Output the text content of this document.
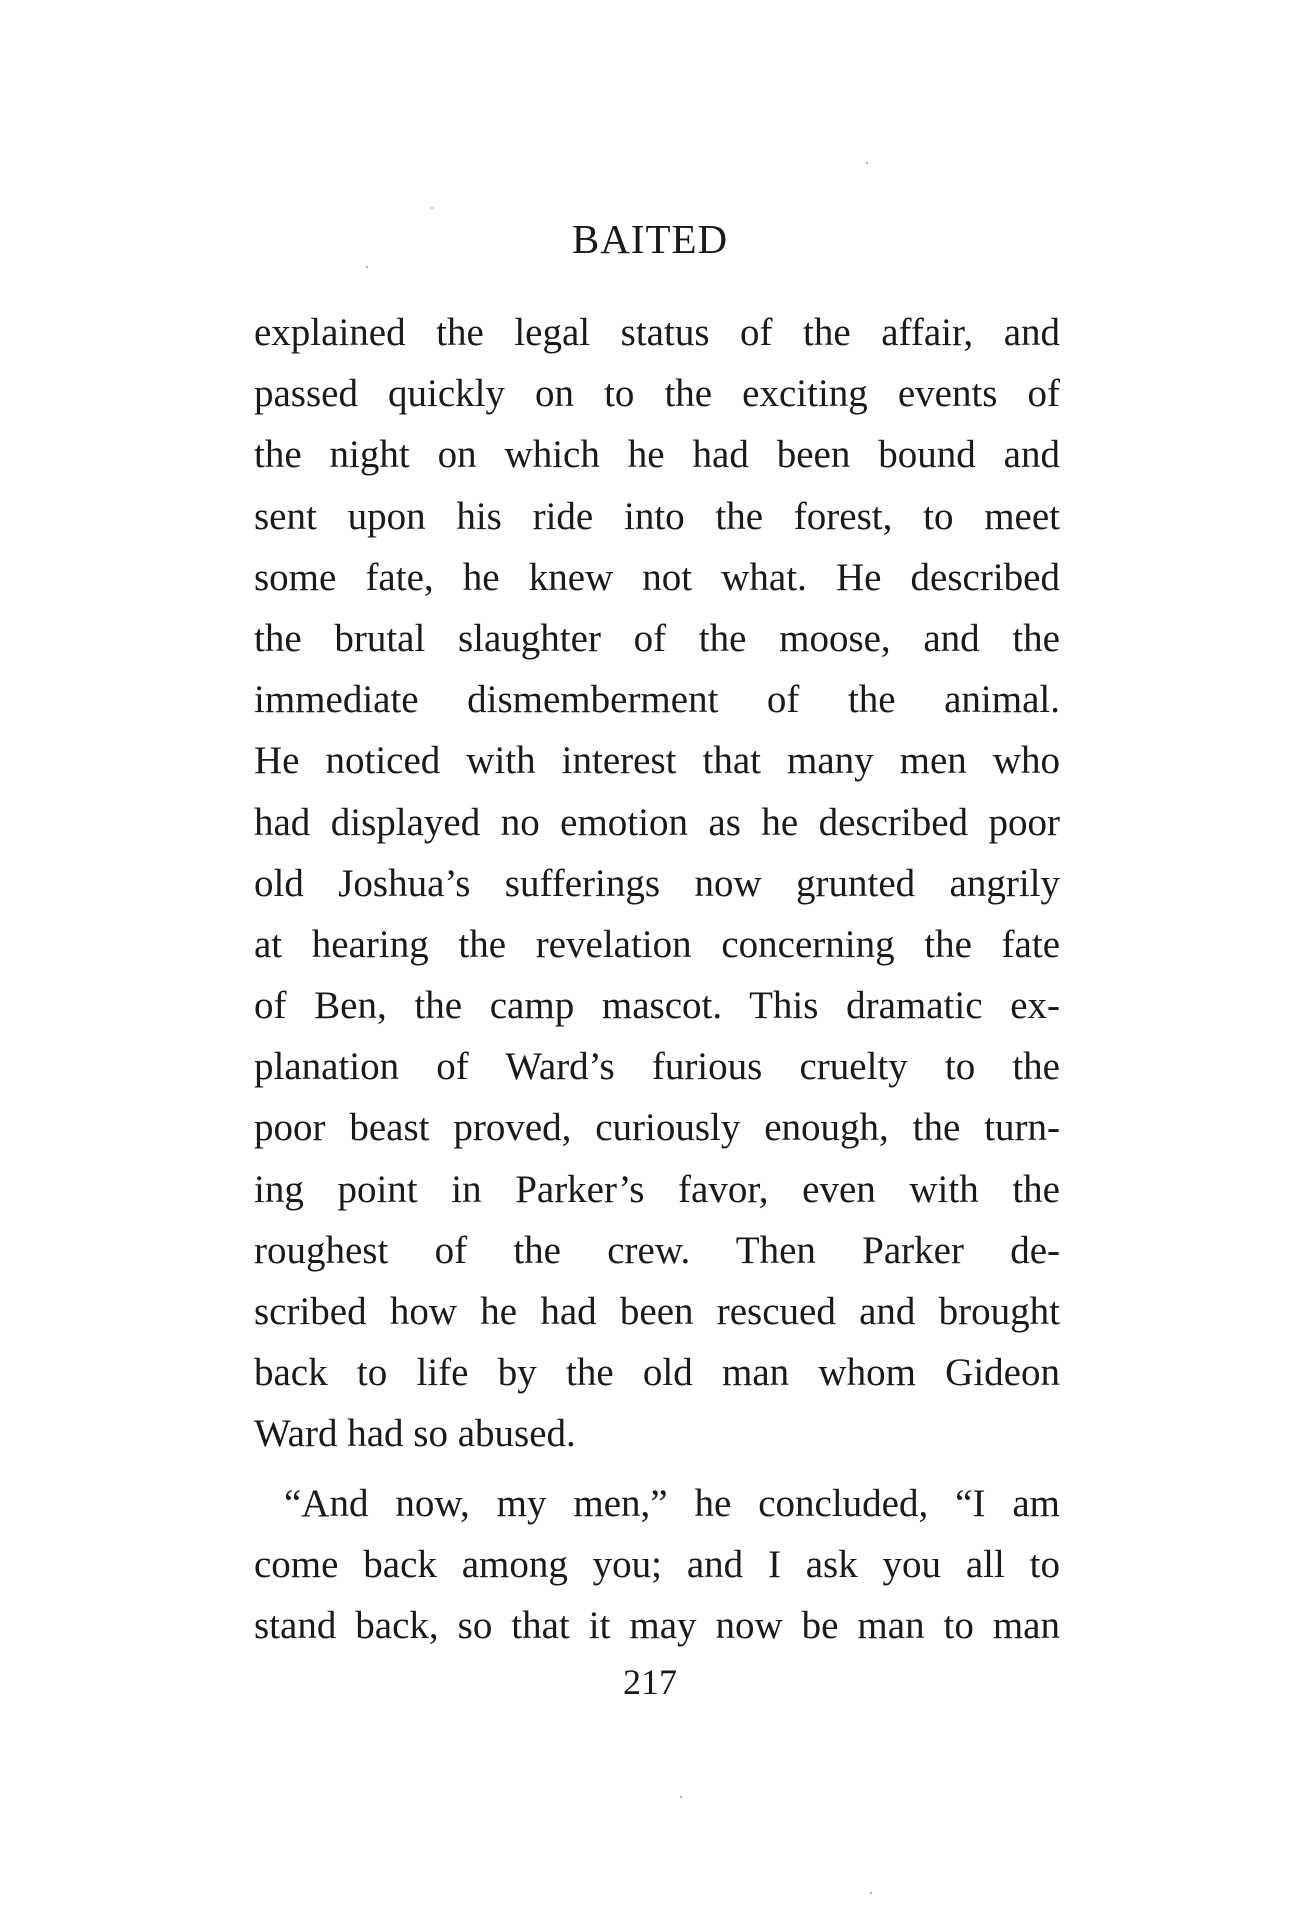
BAITED
explained the legal status of the affair, and
passed quickly on to the exciting events of
the night on which he had been bound and
sent upon his ride into the forest, to meet
some fate, he knew not what. He described
the brutal slaughter of the moose, and the
immediate dismemberment of the animal.
He noticed with interest that many men who
had displayed no emotion as he described poor
old Joshua’s sufferings now grunted angrily
at hearing the revelation concerning the fate
of Ben, the camp mascot. This dramatic ex-
planation of Ward’s furious cruelty to the
poor beast proved, curiously enough, the turn-
ing point in Parker’s favor, even with the
roughest of the crew. Then Parker de-
scribed how he had been rescued and brought
back to life by the old man whom Gideon
Ward had so abused.
“And now, my men,” he concluded, “I am
come back among you; and I ask you all to
stand back, so that it may now be man to man
217
